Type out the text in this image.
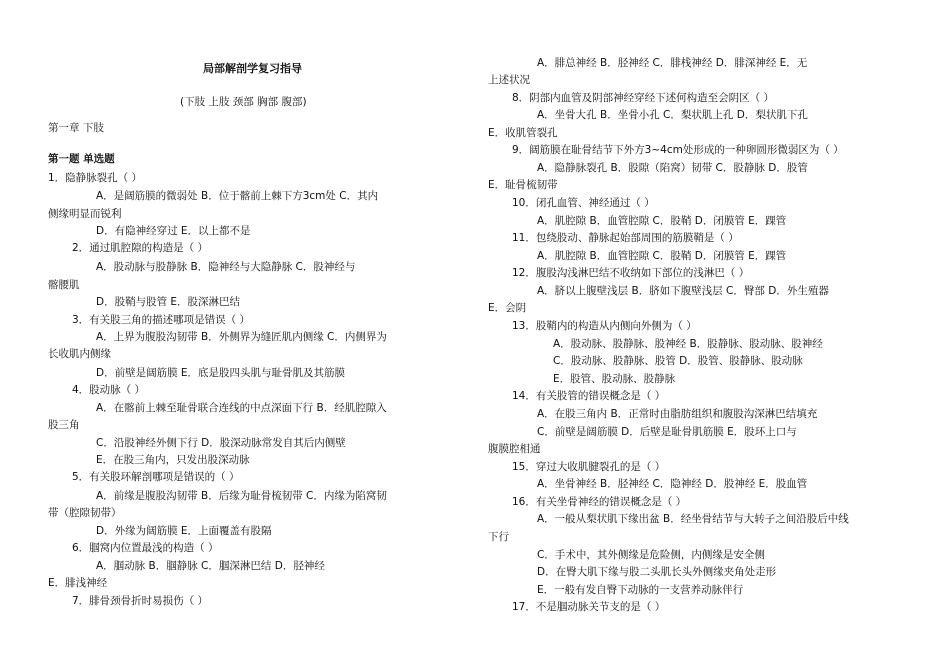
局部解剖学复习指导
(下肢 上肢 颈部 胸部 腹部)
第一章 下肢
第一题 单选题
1．隐静脉裂孔（ ）
A．是阔筋膜的微弱处 B．位于髂前上棘下方3cm处 C．其内
侧缘明显而锐利
D．有隐神经穿过 E．以上都不是
2．通过肌腔隙的构造是（ ）
A．股动脉与股静脉 B．隐神经与大隐静脉 C．股神经与
髂腰肌
D．股鞘与股管 E．股深淋巴结
3．有关股三角的描述哪项是错误（ ）
A．上界为腹股沟韧带 B．外侧界为缝匠肌内侧缘 C．内侧界为
长收肌内侧缘
D．前壁是阔筋膜 E．底是股四头肌与耻骨肌及其筋膜
4．股动脉（ ）
A．在髂前上棘至耻骨联合连线的中点深面下行 B．经肌腔隙入
股三角
C．沿股神经外侧下行 D．股深动脉常发自其后内侧壁
E．在股三角内，只发出股深动脉
5．有关股环解剖哪项是错误的（ ）
A．前缘是腹股沟韧带 B．后缘为耻骨梳韧带 C．内缘为陷窝韧
带（腔隙韧带）
D．外缘为阔筋膜 E．上面覆盖有股隔
6．腘窝内位置最浅的构造（ ）
A．腘动脉 B．腘静脉 C．腘深淋巴结 D．胫神经
E．腓浅神经
7．腓骨颈骨折时易损伤（ ）
A．腓总神经 B．胫神经 C．腓栈神经 D．腓深神经 E．无
上述状况
8．阴部内血管及阴部神经穿经下述何构造至会阴区（ ）
A．坐骨大孔 B．坐骨小孔 C．梨状肌上孔 D．梨状肌下孔
E．收肌管裂孔
9．阔筋膜在耻骨结节下外方3~4cm处形成的一种卵圆形微弱区为（ ）
A．隐静脉裂孔 B．股隙（陷窝）韧带 C．股静脉 D．股管
E．耻骨梳韧带
10．闭孔血管、神经通过（ ）
A．肌腔隙 B．血管腔隙 C．股鞘 D．闭膜管 E．踝管
11．包绕股动、静脉起始部周围的筋膜鞘是（ ）
A．肌腔隙 B．血管腔隙 C．股鞘 D．闭膜管 E．踝管
12．腹股沟浅淋巴结不收纳如下部位的浅淋巴（ ）
A．脐以上腹壁浅层 B．脐如下腹壁浅层 C．臀部 D．外生殖器
E．会阴
13．股鞘内的构造从内侧向外侧为（ ）
A．股动脉、股静脉、股神经 B．股静脉、股动脉、股神经
C．股动脉、股静脉、股管 D．股管、股静脉、股动脉
E．股管、股动脉、股静脉
14．有关股管的错误概念是（ ）
A．在股三角内 B．正常时由脂肪组织和腹股沟深淋巴结填充
C．前壁是阔筋膜 D．后壁是耻骨肌筋膜 E．股环上口与
腹膜腔相通
15．穿过大收肌腱裂孔的是（ ）
A．坐骨神经 B．胫神经 C．隐神经 D．股神经 E．股血管
16．有关坐骨神经的错误概念是（ ）
A．一般从梨状肌下缘出盆 B．经坐骨结节与大转子之间沿股后中线
下行
C．手术中，其外侧缘是危险侧，内侧缘是安全侧
D．在臀大肌下缘与股二头肌长头外侧缘夹角处走形
E．一般有发自臀下动脉的一支营养动脉伴行
17．不是腘动脉关节支的是（ ）
